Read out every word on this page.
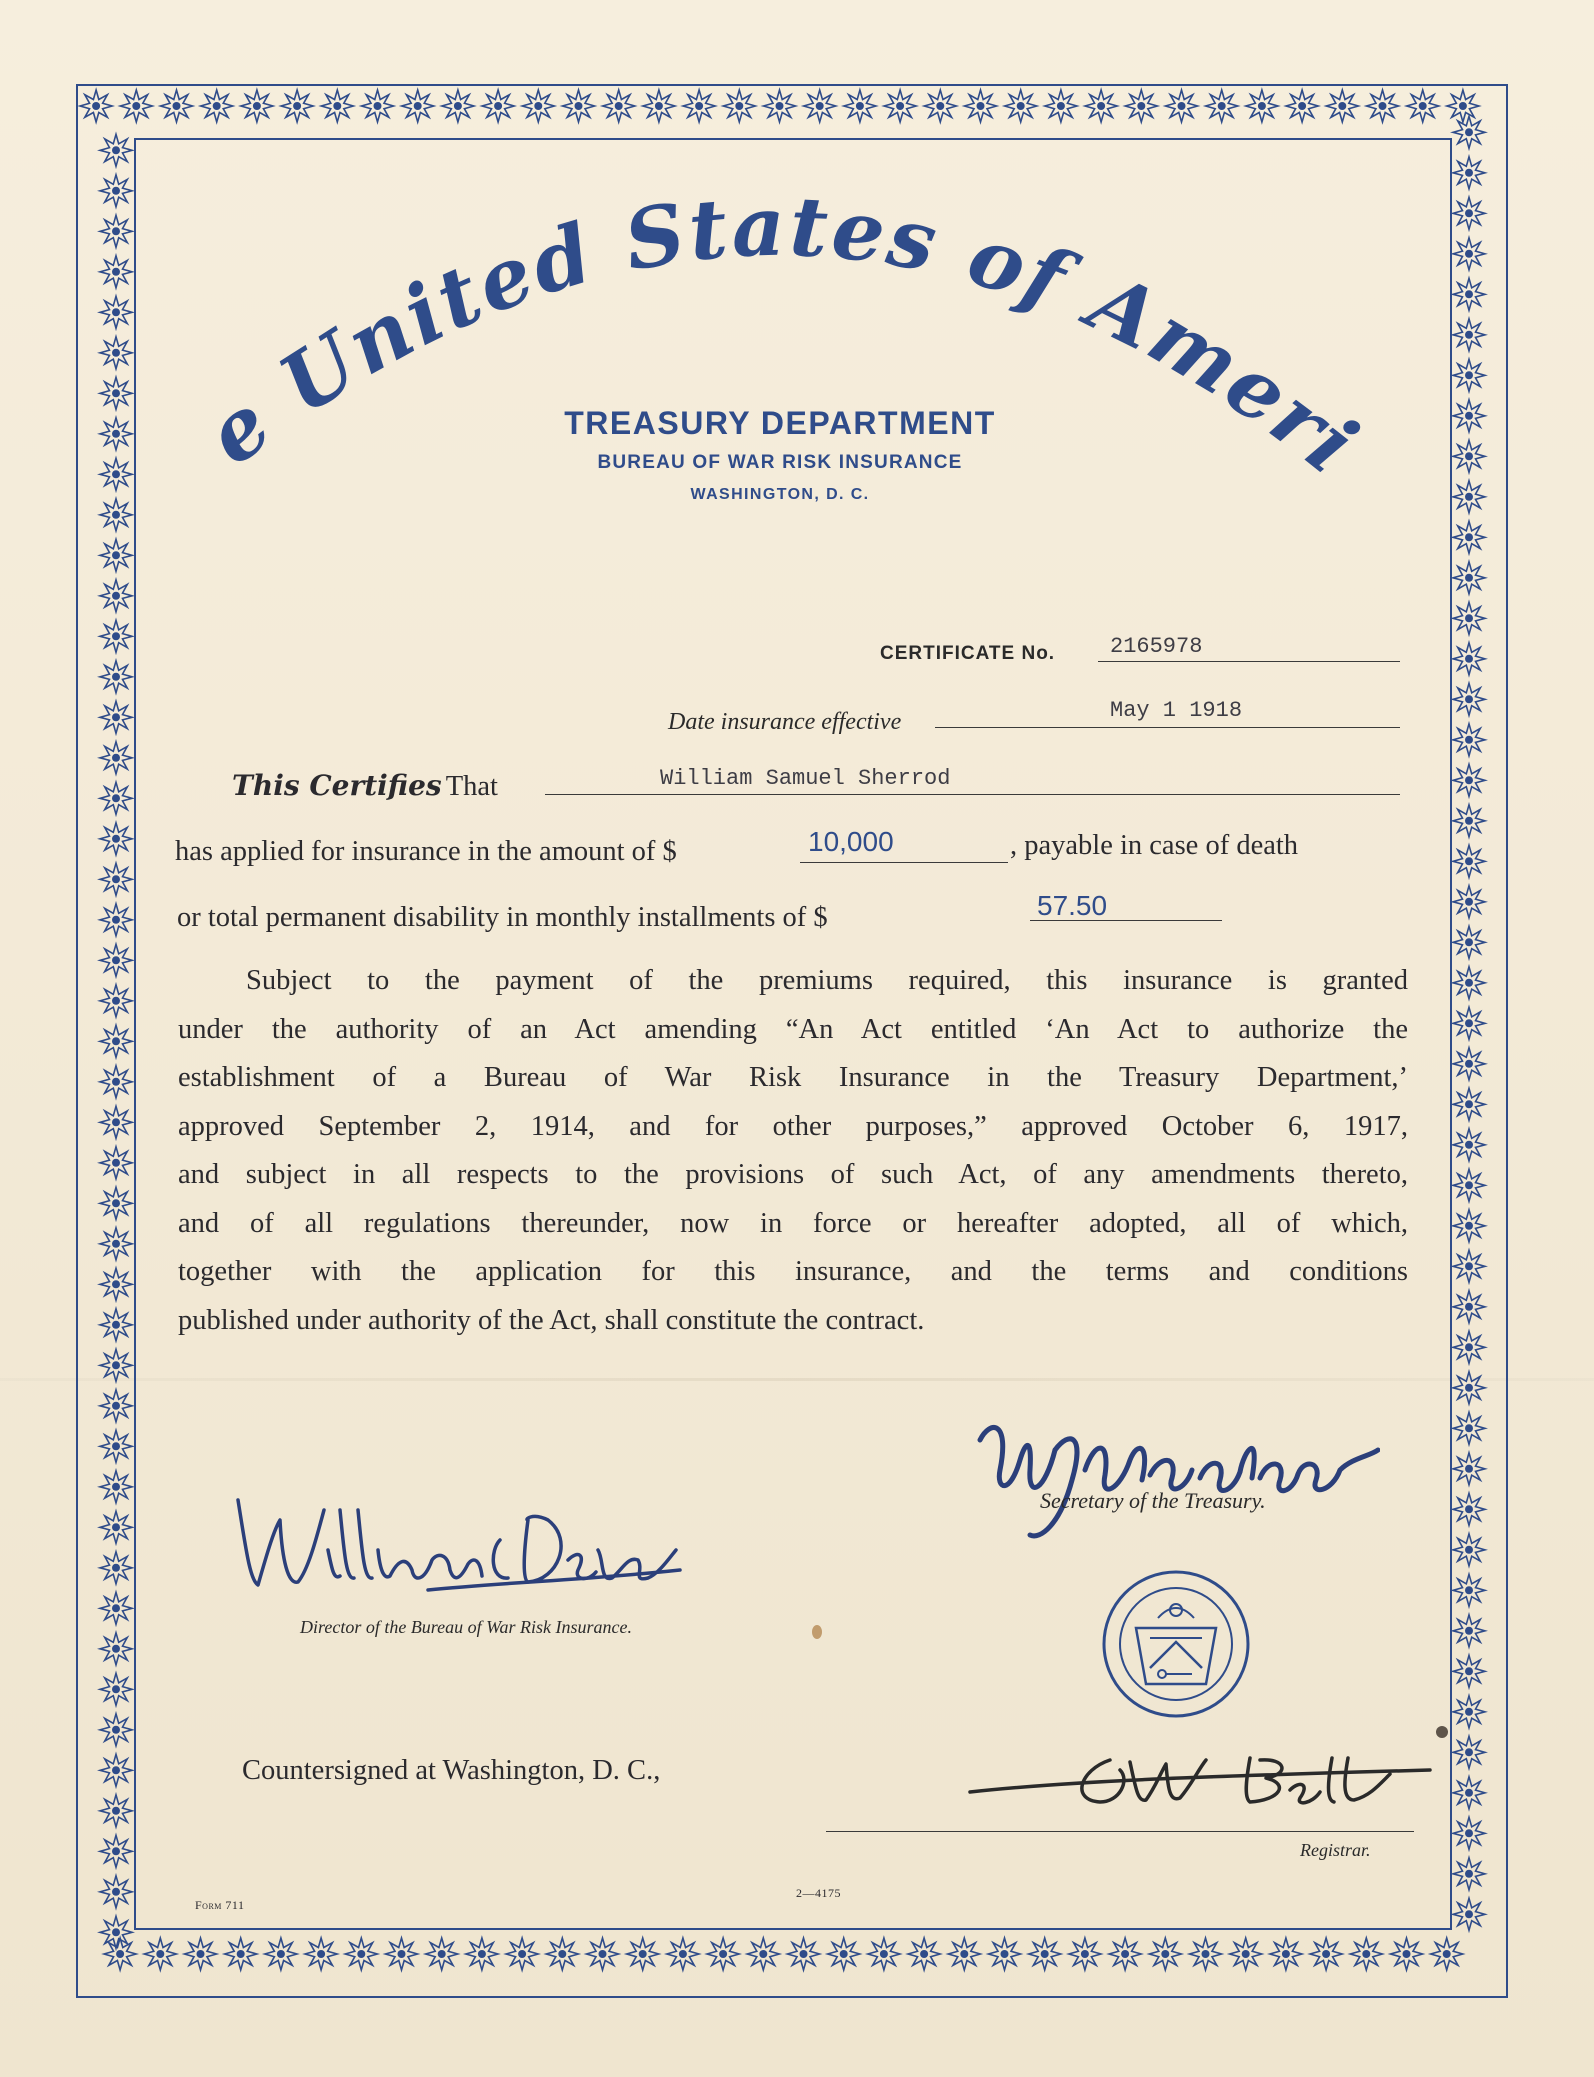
e United States of Ameri
TREASURY DEPARTMENT
BUREAU OF WAR RISK INSURANCE
WASHINGTON, D. C.
CERTIFICATE No. 2165978
Date insurance effective	May 1 1918
This Certifies That	William Samuel Sherrod
has applied for insurance in the amount of $	10,000	, payable in case of death
or total permanent disability in monthly installments of $	57.50
Subject to the payment of the premiums required, this insurance is granted
under the authority of an Act amending “An Act entitled ‘An Act to authorize the
establishment of a Bureau of War Risk Insurance in the Treasury Department,’
approved September 2, 1914, and for other purposes,” approved October 6, 1917,
and subject in all respects to the provisions of such Act, of any amendments thereto,
and of all regulations thereunder, now in force or hereafter adopted, all of which,
together with the application for this insurance, and the terms and conditions
published under authority of the Act, shall constitute the contract.
Secretary of the Treasury.
Director of the Bureau of War Risk Insurance.
Countersigned at Washington, D. C.,
Registrar.
Form 711
2—4175
